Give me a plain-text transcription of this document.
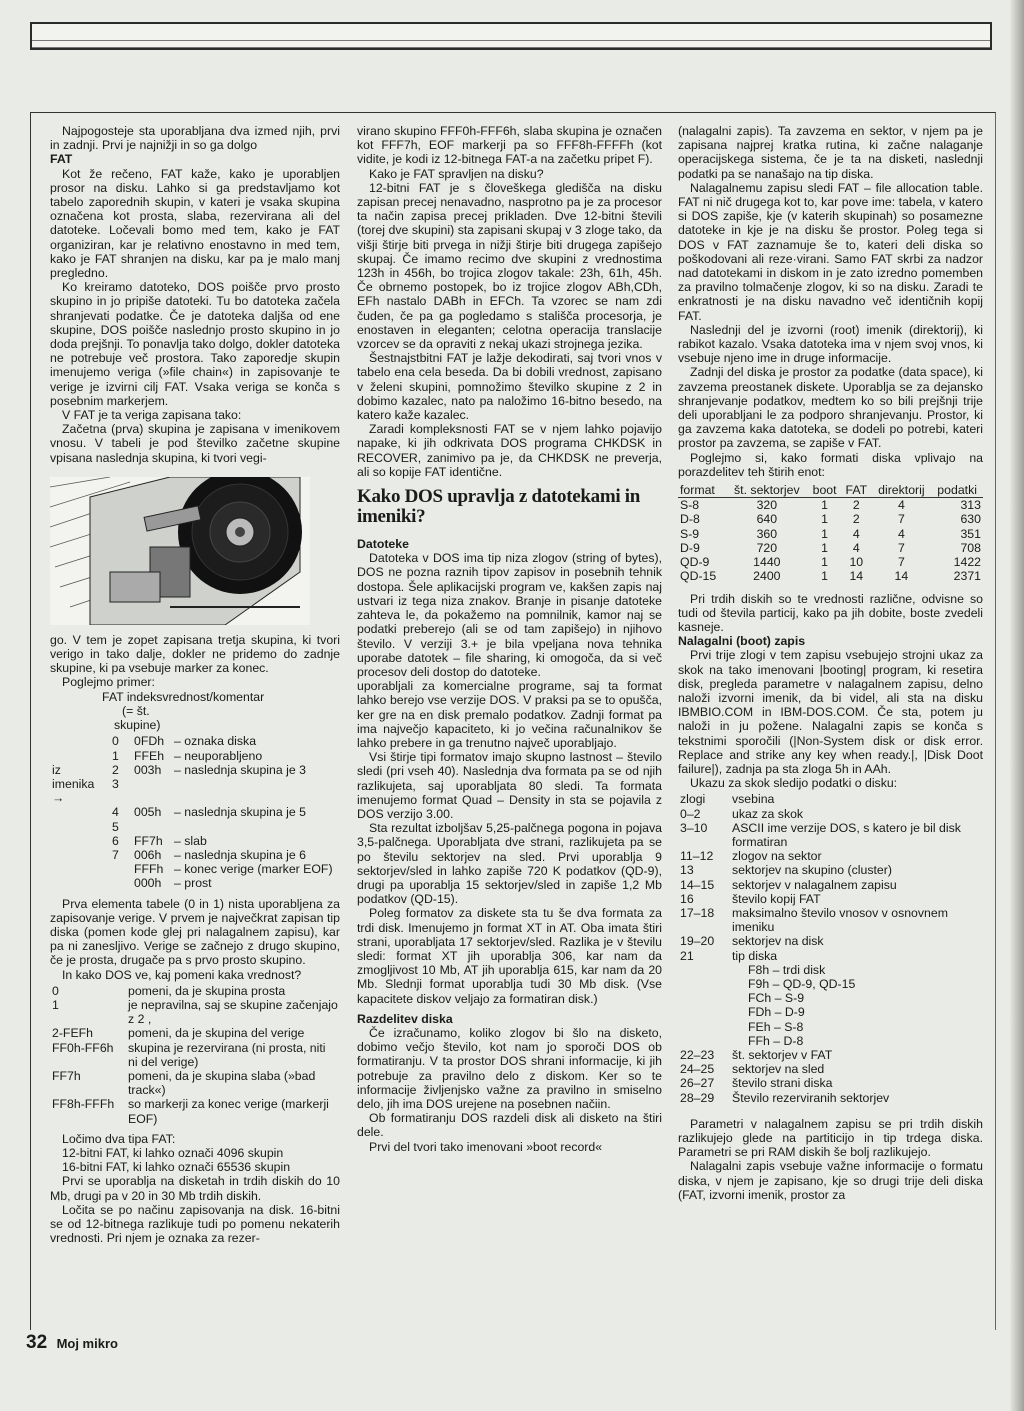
Najpogosteje sta uporabljana dva izmed njih, prvi in zadnji. Prvi je najnižji in so ga dolgo

FAT

Kot že rečeno, FAT kaže, kako je uporabljen prosor na disku. Lahko si ga predstavljamo kot tabelo zaporednih skupin, v kateri je vsaka skupina označena kot prosta, slaba, rezervirana ali del datoteke. Ločevali bomo med tem, kako je FAT organiziran, kar je relativno enostavno in med tem, kako je FAT shranjen na disku, kar pa je malo manj pregledno.

Ko kreiramo datoteko, DOS poišče prvo prosto skupino in jo pripiše datoteki. Tu bo datoteka začela shranjevati podatke. Če je datoteka daljša od ene skupine, DOS poišče naslednjo prosto skupino in jo doda prejšnji. To ponavlja tako dolgo, dokler datoteka ne potrebuje več prostora. Tako zaporedje skupin imenujemo veriga (»file chain«) in zapisovanje te verige je izvirni cilj FAT. Vsaka veriga se konča s posebnim markerjem.

V FAT je ta veriga zapisana tako:

Začetna (prva) skupina je zapisana v imenikovem vnosu. V tabeli je pod številko začetne skupine vpisana naslednja skupina, ki tvori vegi-

go. V tem je zopet zapisana tretja skupina, ki tvori verigo in tako dalje, dokler ne pridemo do zadnje skupine, ki pa vsebuje marker za konec.

Poglejmo primer:

FAT indeksvrednost/komentar

(= št.

skupine)

	0	0FDh	– oznaka diska
	1	FFEh	– neuporabljeno
iz	2	003h	– naslednja skupina je 3
imenika →	3		
	4	005h	– naslednja skupina je 5
	5		
	6	FF7h	– slab
	7	006h	– naslednja skupina je 6
		FFFh	– konec verige (marker EOF)
		000h	– prost

Prva elementa tabele (0 in 1) nista uporabljena za zapisovanje verige. V prvem je največkrat zapisan tip diska (pomen kode glej pri nalagalnem zapisu), kar pa ni zanesljivo. Verige se začnejo z drugo skupino, če je prosta, drugače pa s prvo prosto skupino.

In kako DOS ve, kaj pomeni kaka vrednost?

0	pomeni, da je skupina prosta
1	je nepravilna, saj se skupine začenjajo z 2 ,
2-FEFh	pomeni, da je skupina del verige
FF0h-FF6h	skupina je rezervirana (ni prosta, niti ni del verige)
FF7h	pomeni, da je skupina slaba (»bad track«)
FF8h-FFFh	so markerji za konec verige (markerji EOF)

Ločimo dva tipa FAT:

12-bitni FAT, ki lahko označi 4096 skupin

16-bitni FAT, ki lahko označi 65536 skupin

Prvi se uporablja na disketah in trdih diskih do 10 Mb, drugi pa v 20 in 30 Mb trdih diskih.

Ločita se po načinu zapisovanja na disk. 16-bitni se od 12-bitnega razlikuje tudi po pomenu nekaterih vrednosti. Pri njem je oznaka za rezer-

virano skupino FFF0h-FFF6h, slaba skupina je označen kot FFF7h, EOF markerji pa so FFF8h-FFFFh (kot vidite, je kodi iz 12-bitnega FAT-a na začetku pripet F).

Kako je FAT spravljen na disku?

12-bitni FAT je s človeškega gledišča na disku zapisan precej nenavadno, nasprotno pa je za procesor ta način zapisa precej prikladen. Dve 12-bitni števili (torej dve skupini) sta zapisani skupaj v 3 zloge tako, da višji štirje biti prvega in nižji štirje biti drugega zapišejo skupaj. Če imamo recimo dve skupini z vrednostima 123h in 456h, bo trojica zlogov takale: 23h, 61h, 45h. Če obrnemo postopek, bo iz trojice zlogov ABh,CDh, EFh nastalo DABh in EFCh. Ta vzorec se nam zdi čuden, če pa ga pogledamo s stališča procesorja, je enostaven in eleganten; celotna operacija translacije vzorcev se da opraviti z nekaj ukazi strojnega jezika.

Šestnajstbitni FAT je lažje dekodirati, saj tvori vnos v tabelo ena cela beseda. Da bi dobili vrednost, zapisano v želeni skupini, pomnožimo številko skupine z 2 in dobimo kazalec, nato pa naložimo 16-bitno besedo, na katero kaže kazalec.

Zaradi kompleksnosti FAT se v njem lahko pojavijo napake, ki jih odkrivata DOS programa CHKDSK in RECOVER, zanimivo pa je, da CHKDSK ne preverja, ali so kopije FAT identične.

Kako DOS upravlja z datotekami in imeniki?

Datoteke

Datoteka v DOS ima tip niza zlogov (string of bytes), DOS ne pozna raznih tipov zapisov in posebnih tehnik dostopa. Šele aplikacijski program ve, kakšen zapis naj ustvari iz tega niza znakov. Branje in pisanje datoteke zahteva le, da pokažemo na pomnilnik, kamor naj se podatki preberejo (ali se od tam zapišejo) in njihovo število. V verziji 3.+ je bila vpeljana nova tehnika uporabe datotek – file sharing, ki omogoča, da si več procesov deli dostop do datoteke.

uporabljali za komercialne programe, saj ta format lahko berejo vse verzije DOS. V praksi pa se to opušča, ker gre na en disk premalo podatkov. Zadnji format pa ima največjo kapaciteto, ki jo večina računalnikov še lahko prebere in ga trenutno največ uporabljajo.

Vsi štirje tipi formatov imajo skupno lastnost – število sledi (pri vseh 40). Naslednja dva formata pa se od njih razlikujeta, saj uporabljata 80 sledi. Ta formata imenujemo format Quad – Density in sta se pojavila z DOS verzijo 3.00.

Sta rezultat izboljšav 5,25-palčnega pogona in pojava 3,5-palčnega. Uporabljata dve strani, razlikujeta pa se po številu sektorjev na sled. Prvi uporablja 9 sektorjev/sled in lahko zapiše 720 K podatkov (QD-9), drugi pa uporablja 15 sektorjev/sled in zapiše 1,2 Mb podatkov (QD-15).

Poleg formatov za diskete sta tu še dva formata za trdi disk. Imenujemo jn format XT in AT. Oba imata štiri strani, uporabljata 17 sektorjev/sled. Razlika je v številu sledi: format XT jih uporablja 306, kar nam da zmogljivost 10 Mb, AT jih uporablja 615, kar nam da 20 Mb. Slednji format uporablja tudi 30 Mb disk. (Vse kapacitete diskov veljajo za formatiran disk.)

Razdelitev diska

Če izračunamo, koliko zlogov bi šlo na disketo, dobimo večjo število, kot nam jo sporoči DOS ob formatiranju. V ta prostor DOS shrani informacije, ki jih potrebuje za pravilno delo z diskom. Ker so te informacije življenjsko važne za pravilno in smiselno delo, jih ima DOS urejene na posebnen načiin.

Ob formatiranju DOS razdeli disk ali disketo na štiri dele.

Prvi del tvori tako imenovani »boot record«

(nalagalni zapis). Ta zavzema en sektor, v njem pa je zapisana najprej kratka rutina, ki začne nalaganje operacijskega sistema, če je ta na disketi, naslednji podatki pa se nanašajo na tip diska.

Nalagalnemu zapisu sledi FAT – file allocation table. FAT ni nič drugega kot to, kar pove ime: tabela, v katero si DOS zapiše, kje (v katerih skupinah) so posamezne datoteke in kje je na disku še prostor. Poleg tega si DOS v FAT zaznamuje še to, kateri deli diska so poškodovani ali reze·virani. Samo FAT skrbi za nadzor nad datotekami in diskom in je zato izredno pomemben za pravilno tolmačenje zlogov, ki so na disku. Zaradi te enkratnosti je na disku navadno več identičnih kopij FAT.

Naslednji del je izvorni (root) imenik (direktorij), ki rabikot kazalo. Vsaka datoteka ima v njem svoj vnos, ki vsebuje njeno ime in druge informacije.

Zadnji del diska je prostor za podatke (data space), ki zavzema preostanek diskete. Uporablja se za dejansko shranjevanje podatkov, medtem ko so bili prejšnji trije deli uporabljani le za podporo shranjevanju. Prostor, ki ga zavzema kaka datoteka, se dodeli po potrebi, kateri prostor pa zavzema, se zapiše v FAT.

Poglejmo si, kako formati diska vplivajo na porazdelitev teh štirih enot:

format	št. sektorjev	boot	FAT	direktorij	podatki
S-8	320	1	2	4	313
D-8	640	1	2	7	630
S-9	360	1	4	4	351
D-9	720	1	4	7	708
QD-9	1440	1	10	7	1422
QD-15	2400	1	14	14	2371

Pri trdih diskih so te vrednosti različne, odvisne so tudi od števila particij, kako pa jih dobite, boste zvedeli kasneje.

Nalagalni (boot) zapis

Prvi trije zlogi v tem zapisu vsebujejo strojni ukaz za skok na tako imenovani |booting| program, ki resetira disk, pregleda parametre v nalagalnem zapisu, delno naloži izvorni imenik, da bi videl, ali sta na disku IBMBIO.COM in IBM-DOS.COM. Če sta, potem ju naloži in ju požene. Nalagalni zapis se konča s tekstnimi sporočili (|Non-System disk or disk error. Replace and strike any key when ready.|, |Disk Doot failure|), zadnja pa sta zloga 5h in AAh.

Ukazu za skok sledijo podatki o disku:

zlogi	vsebina
0–2	ukaz za skok
3–10	ASCII ime verzije DOS, s katero je bil disk formatiran
11–12	zlogov na sektor
13	sektorjev na skupino (cluster)
14–15	sektorjev v nalagalnem zapisu
16	število kopij FAT
17–18	maksimalno število vnosov v osnovnem imeniku
19–20	sektorjev na disk
21	tip diska
	F8h – trdi disk
	F9h – QD-9, QD-15
	FCh – S-9
	FDh – D-9
	FEh – S-8
	FFh – D-8
22–23	št. sektorjev v FAT
24–25	sektorjev na sled
26–27	število strani diska
28–29	Število rezerviranih sektorjev

Parametri v nalagalnem zapisu se pri trdih diskih razlikujejo glede na partiticijo in tip trdega diska. Parametri se pri RAM diskih še bolj razlikujejo.

Nalagalni zapis vsebuje važne informacije o formatu diska, v njem je zapisano, kje so drugi trije deli diska (FAT, izvorni imenik, prostor za

32 Moj mikro
